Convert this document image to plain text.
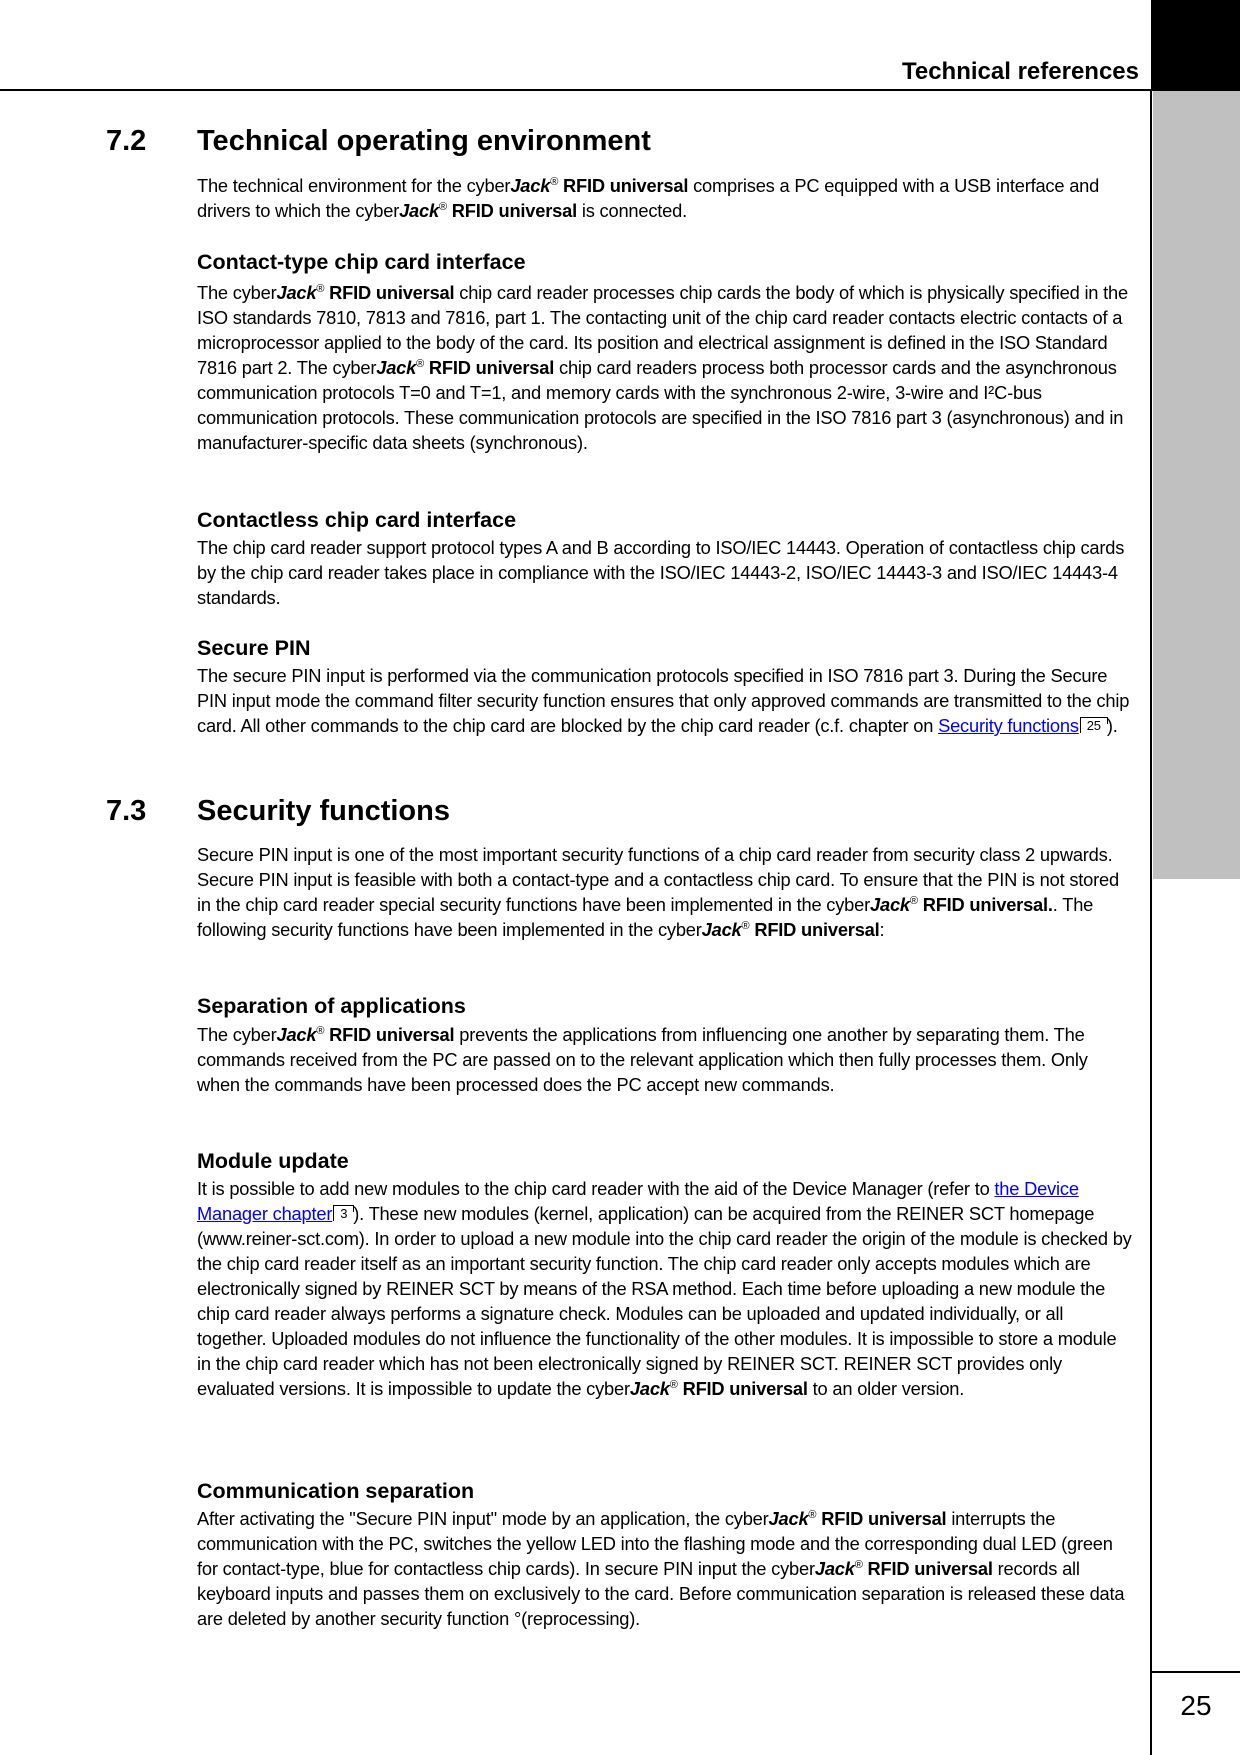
Technical references
25
7.2 Technical operating environment
The technical environment for the cyberJack® RFID universal comprises a PC equipped with a USB interface and drivers to which the cyberJack® RFID universal is connected.
Contact-type chip card interface
The cyberJack® RFID universal chip card reader processes chip cards the body of which is physically specified in the ISO standards 7810, 7813 and 7816, part 1. The contacting unit of the chip card reader contacts electric contacts of a microprocessor applied to the body of the card. Its position and electrical assignment is defined in the ISO Standard 7816 part 2. The cyberJack® RFID universal chip card readers process both processor cards and the asynchronous communication protocols T=0 and T=1, and memory cards with the synchronous 2-wire, 3-wire and I²C-bus communication protocols. These communication protocols are specified in the ISO 7816 part 3 (asynchronous) and in manufacturer-specific data sheets (synchronous).
Contactless chip card interface
The chip card reader support protocol types A and B according to ISO/IEC 14443. Operation of contactless chip cards by the chip card reader takes place in compliance with the ISO/IEC 14443-2, ISO/IEC 14443-3 and ISO/IEC 14443-4 standards.
Secure PIN
The secure PIN input is performed via the communication protocols specified in ISO 7816 part 3. During the Secure PIN input mode the command filter security function ensures that only approved commands are transmitted to the chip card. All other commands to the chip card are blocked by the chip card reader (c.f. chapter on Security functions 25 ).
7.3 Security functions
Secure PIN input is one of the most important security functions of a chip card reader from security class 2 upwards. Secure PIN input is feasible with both a contact-type and a contactless chip card. To ensure that the PIN is not stored in the chip card reader special security functions have been implemented in the cyberJack® RFID universal.. The following security functions have been implemented in the cyberJack® RFID universal:
Separation of applications
The cyberJack® RFID universal prevents the applications from influencing one another by separating them. The commands received from the PC are passed on to the relevant application which then fully processes them. Only when the commands have been processed does the PC accept new commands.
Module update
It is possible to add new modules to the chip card reader with the aid of the Device Manager (refer to the Device Manager chapter 3 ). These new modules (kernel, application) can be acquired from the REINER SCT homepage (www.reiner-sct.com). In order to upload a new module into the chip card reader the origin of the module is checked by the chip card reader itself as an important security function. The chip card reader only accepts modules which are electronically signed by REINER SCT by means of the RSA method. Each time before uploading a new module the chip card reader always performs a signature check. Modules can be uploaded and updated individually, or all together. Uploaded modules do not influence the functionality of the other modules. It is impossible to store a module in the chip card reader which has not been electronically signed by REINER SCT. REINER SCT provides only evaluated versions. It is impossible to update the cyberJack® RFID universal to an older version.
Communication separation
After activating the "Secure PIN input" mode by an application, the cyberJack® RFID universal interrupts the communication with the PC, switches the yellow LED into the flashing mode and the corresponding dual LED (green for contact-type, blue for contactless chip cards). In secure PIN input the cyberJack® RFID universal records all keyboard inputs and passes them on exclusively to the card. Before communication separation is released these data are deleted by another security function °(reprocessing).
